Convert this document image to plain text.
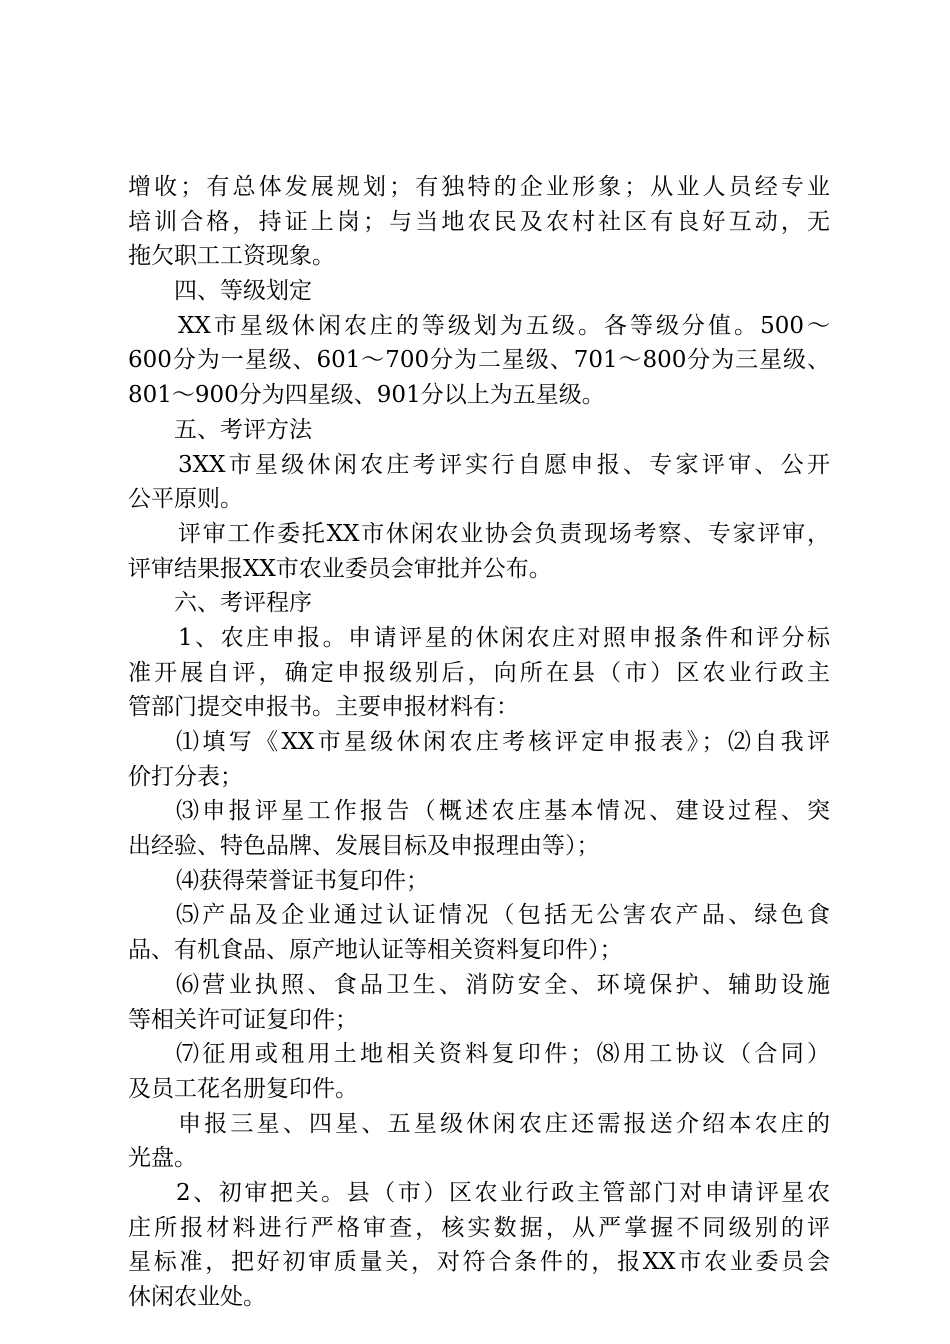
增收；有总体发展规划；有独特的企业形象；从业人员经专业
培训合格，持证上岗；与当地农民及农村社区有良好互动，无
拖欠职工工资现象。
四、等级划定
XX市星级休闲农庄的等级划为五级。各等级分值。500～
600分为一星级、601～700分为二星级、701～800分为三星级、
801～900分为四星级、901分以上为五星级。
五、考评方法
3XX市星级休闲农庄考评实行自愿申报、专家评审、公开
公平原则。
评审工作委托XX市休闲农业协会负责现场考察、专家评审，
评审结果报XX市农业委员会审批并公布。
六、考评程序
1、农庄申报。申请评星的休闲农庄对照申报条件和评分标
准开展自评，确定申报级别后，向所在县（市）区农业行政主
管部门提交申报书。主要申报材料有：
⑴填写《XX市星级休闲农庄考核评定申报表》；⑵自我评
价打分表；
⑶申报评星工作报告（概述农庄基本情况、建设过程、突
出经验、特色品牌、发展目标及申报理由等）；
⑷获得荣誉证书复印件；
⑸产品及企业通过认证情况（包括无公害农产品、绿色食
品、有机食品、原产地认证等相关资料复印件）；
⑹营业执照、食品卫生、消防安全、环境保护、辅助设施
等相关许可证复印件；
⑺征用或租用土地相关资料复印件；⑻用工协议（合同）
及员工花名册复印件。
申报三星、四星、五星级休闲农庄还需报送介绍本农庄的
光盘。
2、初审把关。县（市）区农业行政主管部门对申请评星农
庄所报材料进行严格审查，核实数据，从严掌握不同级别的评
星标准，把好初审质量关，对符合条件的，报XX市农业委员会
休闲农业处。
